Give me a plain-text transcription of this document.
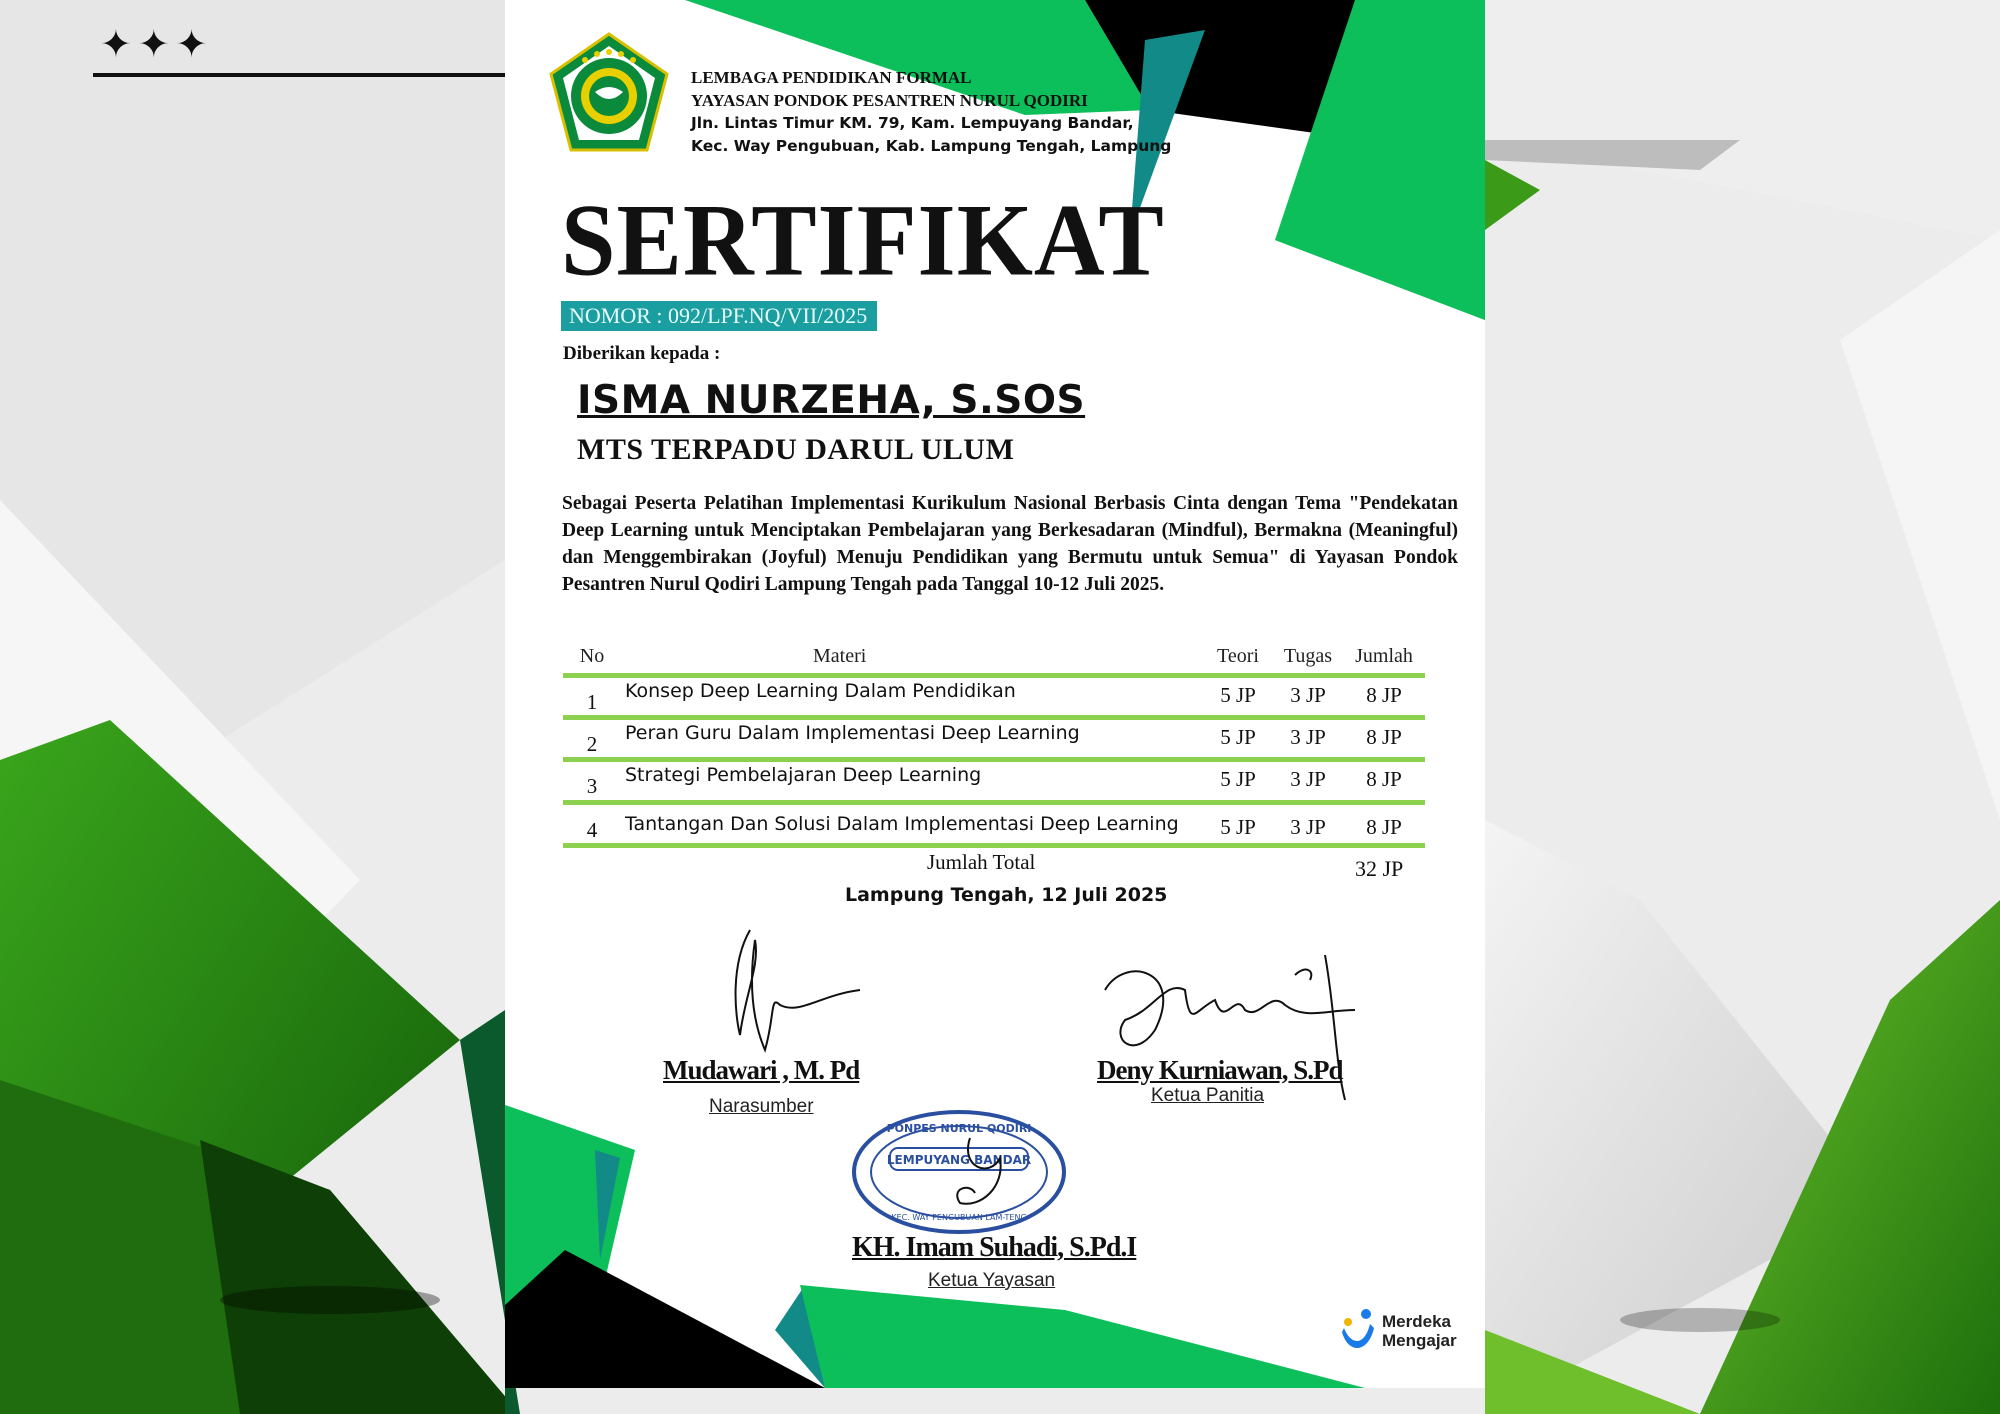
✦✦✦
LEMBAGA PENDIDIKAN FORMAL
YAYASAN PONDOK PESANTREN NURUL QODIRI
Jln. Lintas Timur KM. 79, Kam. Lempuyang Bandar,
Kec. Way Pengubuan, Kab. Lampung Tengah, Lampung
SERTIFIKAT
NOMOR : 092/LPF.NQ/VII/2025
Diberikan kepada :
ISMA NURZEHA, S.SOS
MTS TERPADU DARUL ULUM
Sebagai Peserta Pelatihan Implementasi Kurikulum Nasional Berbasis Cinta dengan Tema "Pendekatan Deep Learning untuk Menciptakan Pembelajaran yang Berkesadaran (Mindful), Bermakna (Meaningful) dan Menggembirakan (Joyful) Menuju Pendidikan yang Bermutu untuk Semua" di Yayasan Pondok Pesantren Nurul Qodiri Lampung Tengah pada Tanggal 10-12 Juli 2025.
No	Materi	Teori	Tugas	Jumlah
1	Konsep Deep Learning Dalam Pendidikan	5 JP	3 JP	8 JP
2	Peran Guru Dalam Implementasi Deep Learning	5 JP	3 JP	8 JP
3	Strategi Pembelajaran Deep Learning	5 JP	3 JP	8 JP
4	Tantangan Dan Solusi Dalam Implementasi Deep Learning	5 JP	3 JP	8 JP
Jumlah Total	32 JP
Lampung Tengah, 12 Juli 2025
Mudawari , M. Pd
Narasumber
Deny Kurniawan, S.Pd
Ketua Panitia
LEMPUYANG BANDAR
PONPES NURUL QODIRI
KEC. WAY PENGUBUAN LAM-TENG
KH. Imam Suhadi, S.Pd.I
Ketua Yayasan
Merdeka
Mengajar
